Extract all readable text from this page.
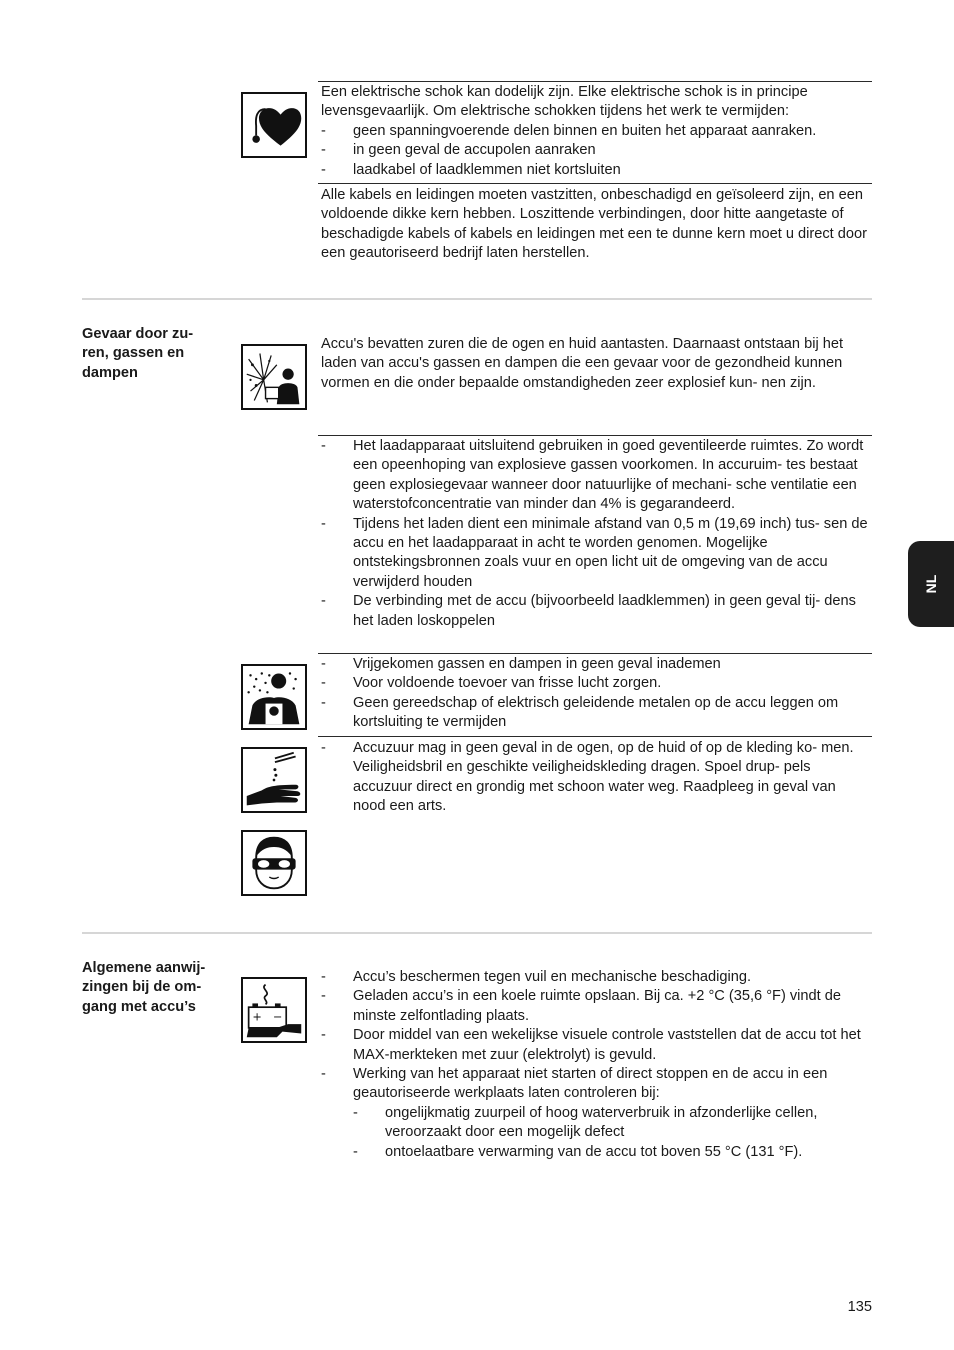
Een elektrische schok kan dodelijk zijn. Elke elektrische schok is in principe levensgevaarlijk. Om elektrische schokken tijdens het werk te vermijden:

- geen spanningvoerende delen binnen en buiten het apparaat aanraken.
- in geen geval de accupolen aanraken
- laadkabel of laadklemmen niet kortsluiten

Alle kabels en leidingen moeten vastzitten, onbeschadigd en geïsoleerd zijn, en een voldoende dikke kern hebben. Loszittende verbindingen, door hitte aangetaste of beschadigde kabels of kabels en leidingen met een te dunne kern moet u direct door een geautoriseerd bedrijf laten herstellen.

Gevaar door zu- ren, gassen en dampen

Accu's bevatten zuren die de ogen en huid aantasten. Daarnaast ontstaan bij het laden van accu's gassen en dampen die een gevaar voor de gezondheid kunnen vormen en die onder bepaalde omstandigheden zeer explosief kun- nen zijn.

- Het laadapparaat uitsluitend gebruiken in goed geventileerde ruimtes. Zo wordt een opeenhoping van explosieve gassen voorkomen. In accuruim- tes bestaat geen explosiegevaar wanneer door natuurlijke of mechani- sche ventilatie een waterstofconcentratie van minder dan 4% is gegarandeerd.
- Tijdens het laden dient een minimale afstand van 0,5 m (19,69 inch) tus- sen de accu en het laadapparaat in acht te worden genomen. Mogelijke ontstekingsbronnen zoals vuur en open licht uit de omgeving van de accu verwijderd houden
- De verbinding met de accu (bijvoorbeeld laadklemmen) in geen geval tij- dens het laden loskoppelen
- Vrijgekomen gassen en dampen in geen geval inademen
- Voor voldoende toevoer van frisse lucht zorgen.
- Geen gereedschap of elektrisch geleidende metalen op de accu leggen om kortsluiting te vermijden
- Accuzuur mag in geen geval in de ogen, op de huid of op de kleding ko- men. Veiligheidsbril en geschikte veiligheidskleding dragen. Spoel drup- pels accuzuur direct en grondig met schoon water weg. Raadpleeg in geval van nood een arts.
Algemene aanwij- zingen bij de om- gang met accu’s
+ −
- Accu’s beschermen tegen vuil en mechanische beschadiging.
- Geladen accu’s in een koele ruimte opslaan. Bij ca. +2 °C (35,6 °F) vindt de minste zelfontlading plaats.
- Door middel van een wekelijkse visuele controle vaststellen dat de accu tot het MAX-merkteken met zuur (elektrolyt) is gevuld.
- Werking van het apparaat niet starten of direct stoppen en de accu in een geautoriseerde werkplaats laten controleren bij:
- ongelijkmatig zuurpeil of hoog waterverbruik in afzonderlijke cellen, veroorzaakt door een mogelijk defect
- ontoelaatbare verwarming van de accu tot boven 55 °C (131 °F).
NL
135
